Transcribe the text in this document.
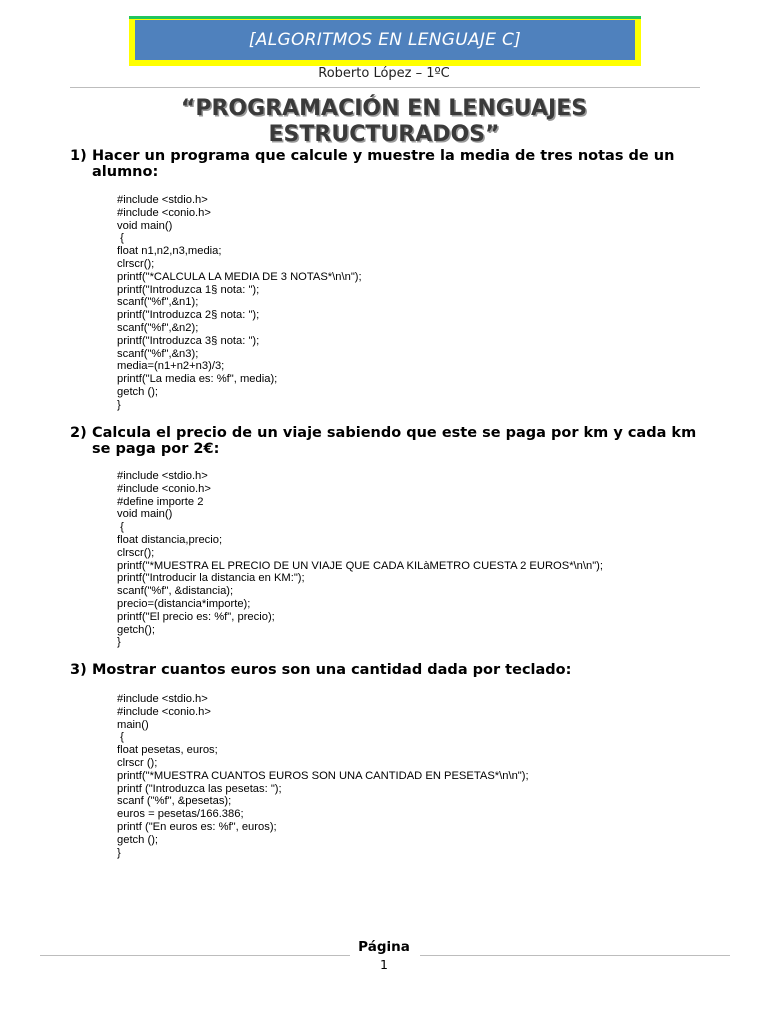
[ALGORITMOS EN LENGUAJE C]
Roberto López – 1ºC
“PROGRAMACIÓN EN LENGUAJES
ESTRUCTURADOS”
1) Hacer un programa que calcule y muestre la media de tres notas de un alumno:
#include <stdio.h>
#include <conio.h>
void main()
{
float n1,n2,n3,media;
clrscr();
printf("*CALCULA LA MEDIA DE 3 NOTAS*\n\n");
printf("Introduzca 1§ nota: ");
scanf("%f",&n1);
printf("Introduzca 2§ nota: ");
scanf("%f",&n2);
printf("Introduzca 3§ nota: ");
scanf("%f",&n3);
media=(n1+n2+n3)/3;
printf("La media es: %f", media);
getch ();
}
2) Calcula el precio de un viaje sabiendo que este se paga por km y cada km se paga por 2€:
#include <stdio.h>
#include <conio.h>
#define importe 2
void main()
{
float distancia,precio;
clrscr();
printf("*MUESTRA EL PRECIO DE UN VIAJE QUE CADA KILàMETRO CUESTA 2 EUROS*\n\n");
printf("Introducir la distancia en KM:");
scanf("%f", &distancia);
precio=(distancia*importe);
printf("El precio es: %f", precio);
getch();
}
3) Mostrar cuantos euros son una cantidad dada por teclado:
#include <stdio.h>
#include <conio.h>
main()
{
float pesetas, euros;
clrscr ();
printf("*MUESTRA CUANTOS EUROS SON UNA CANTIDAD EN PESETAS*\n\n");
printf ("Introduzca las pesetas: ");
scanf ("%f", &pesetas);
euros = pesetas/166.386;
printf ("En euros es: %f", euros);
getch ();
}
Página
1
